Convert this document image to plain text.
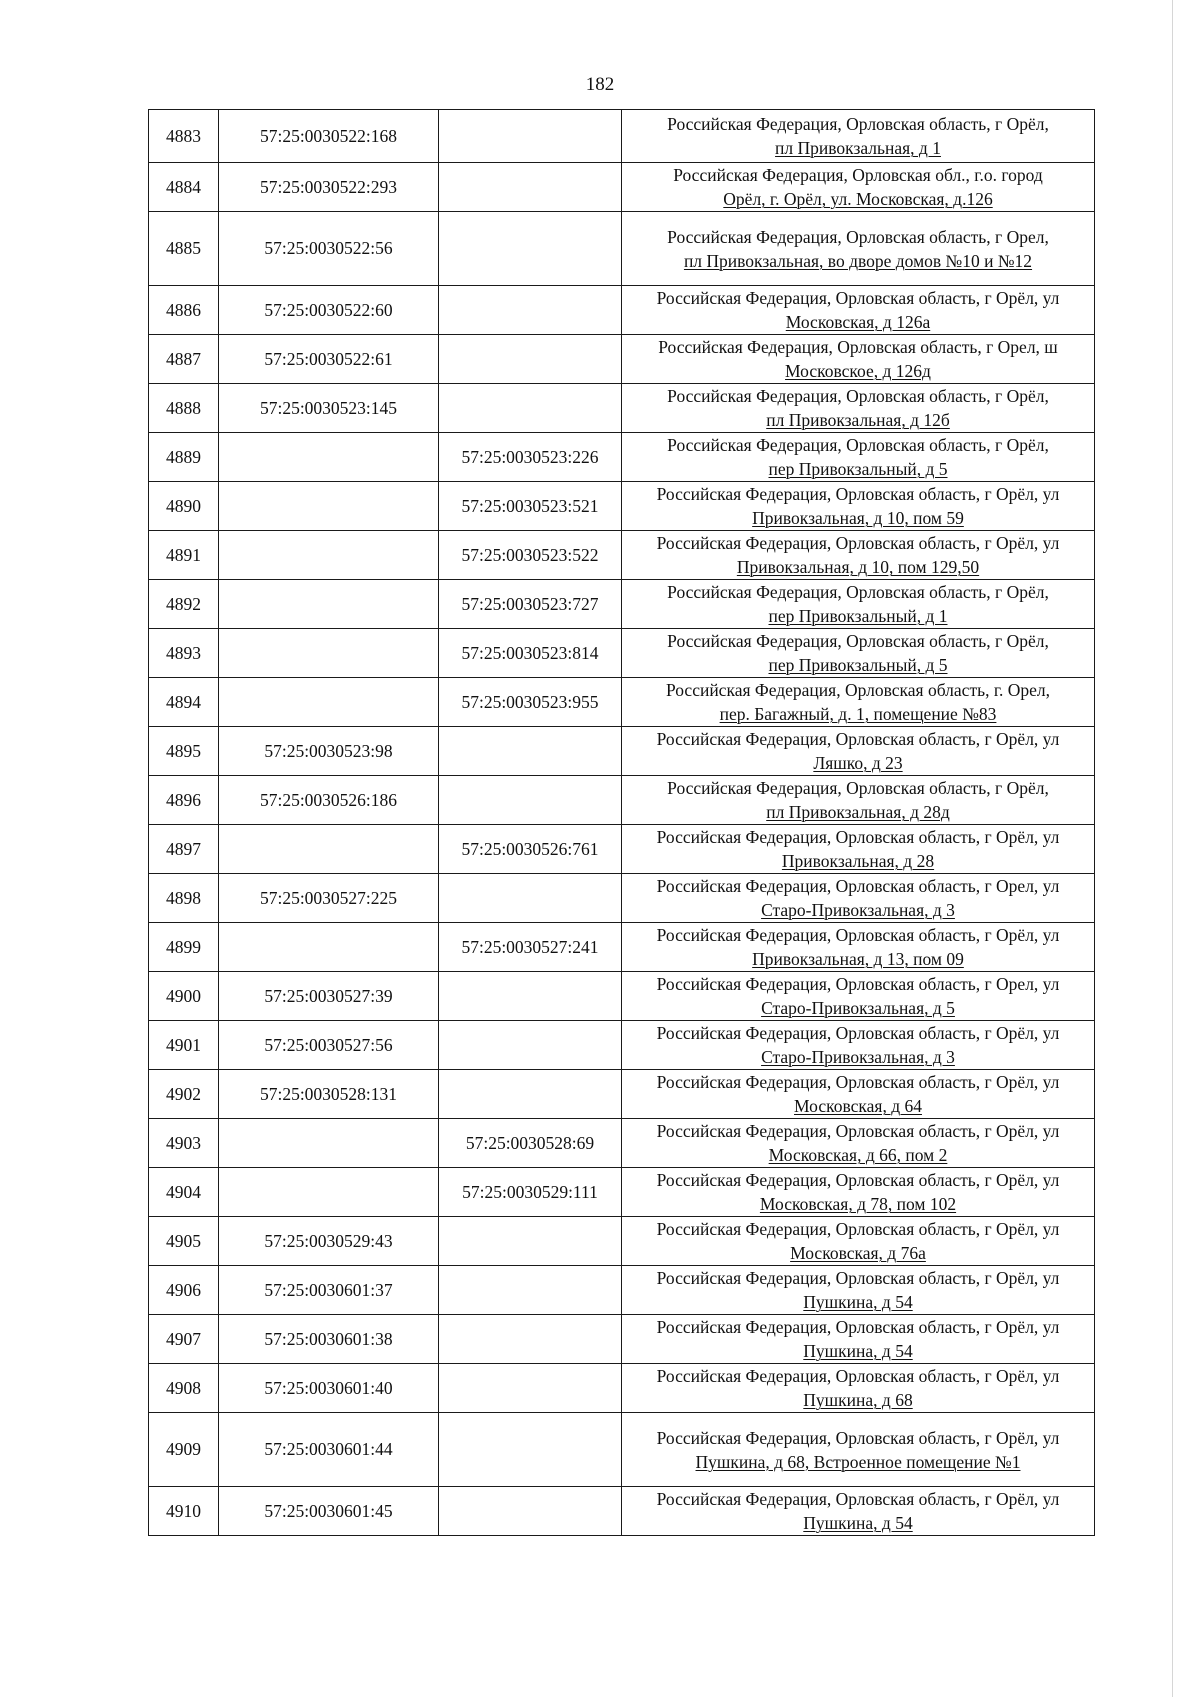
182
4883	57:25:0030522:168		Российская Федерация, Орловская область, г Орёл,
пл Привокзальная, д 1

4884	57:25:0030522:293		Российская Федерация, Орловская обл., г.о. город
Орёл, г. Орёл, ул. Московская, д.126

4885	57:25:0030522:56		Российская Федерация, Орловская область, г Орел,
пл Привокзальная, во дворе домов №10 и №12

4886	57:25:0030522:60		Российская Федерация, Орловская область, г Орёл, ул
Московская, д 126а

4887	57:25:0030522:61		Российская Федерация, Орловская область, г Орел, ш
Московское, д 126д

4888	57:25:0030523:145		Российская Федерация, Орловская область, г Орёл,
пл Привокзальная, д 12б

4889		57:25:0030523:226	Российская Федерация, Орловская область, г Орёл,
пер Привокзальный, д 5

4890		57:25:0030523:521	Российская Федерация, Орловская область, г Орёл, ул
Привокзальная, д 10, пом 59

4891		57:25:0030523:522	Российская Федерация, Орловская область, г Орёл, ул
Привокзальная, д 10, пом 129,50

4892		57:25:0030523:727	Российская Федерация, Орловская область, г Орёл,
пер Привокзальный, д 1

4893		57:25:0030523:814	Российская Федерация, Орловская область, г Орёл,
пер Привокзальный, д 5

4894		57:25:0030523:955	Российская Федерация, Орловская область, г. Орел,
пер. Багажный, д. 1, помещение №83

4895	57:25:0030523:98		Российская Федерация, Орловская область, г Орёл, ул
Ляшко, д 23

4896	57:25:0030526:186		Российская Федерация, Орловская область, г Орёл,
пл Привокзальная, д 28д

4897		57:25:0030526:761	Российская Федерация, Орловская область, г Орёл, ул
Привокзальная, д 28

4898	57:25:0030527:225		Российская Федерация, Орловская область, г Орел, ул
Старо-Привокзальная, д 3

4899		57:25:0030527:241	Российская Федерация, Орловская область, г Орёл, ул
Привокзальная, д 13, пом 09

4900	57:25:0030527:39		Российская Федерация, Орловская область, г Орел, ул
Старо-Привокзальная, д 5

4901	57:25:0030527:56		Российская Федерация, Орловская область, г Орёл, ул
Старо-Привокзальная, д 3

4902	57:25:0030528:131		Российская Федерация, Орловская область, г Орёл, ул
Московская, д 64

4903		57:25:0030528:69	Российская Федерация, Орловская область, г Орёл, ул
Московская, д 66, пом 2

4904		57:25:0030529:111	Российская Федерация, Орловская область, г Орёл, ул
Московская, д 78, пом 102

4905	57:25:0030529:43		Российская Федерация, Орловская область, г Орёл, ул
Московская, д 76а

4906	57:25:0030601:37		Российская Федерация, Орловская область, г Орёл, ул
Пушкина, д 54

4907	57:25:0030601:38		Российская Федерация, Орловская область, г Орёл, ул
Пушкина, д 54

4908	57:25:0030601:40		Российская Федерация, Орловская область, г Орёл, ул
Пушкина, д 68

4909	57:25:0030601:44		Российская Федерация, Орловская область, г Орёл, ул
Пушкина, д 68, Встроенное помещение №1

4910	57:25:0030601:45		Российская Федерация, Орловская область, г Орёл, ул
Пушкина, д 54
